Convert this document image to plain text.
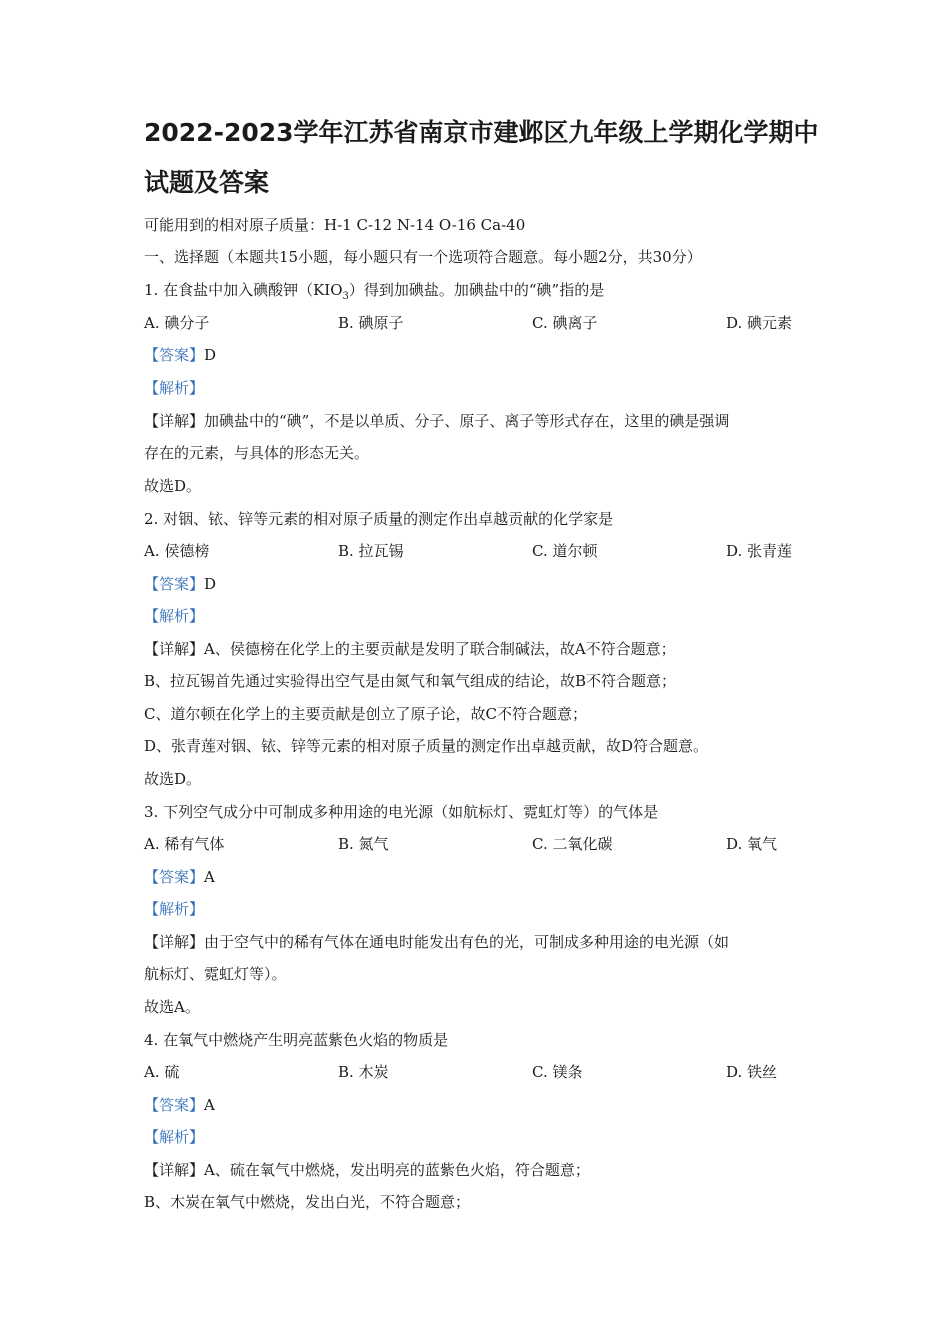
2022-2023学年江苏省南京市建邺区九年级上学期化学期中
试题及答案
可能用到的相对原子质量：H-1 C-12 N-14 O-16 Ca-40
一、选择题（本题共15小题，每小题只有一个选项符合题意。每小题2分，共30分）
1. 在食盐中加入碘酸钾$(KIO_3)$得到加碘盐。加碘盐中的“碘”指的是
A. 碘分子	B. 碘原子	C. 碘离子	D. 碘元素
【答案】D
【解析】
【详解】加碘盐中的“碘”，不是以单质、分子、原子、离子等形式存在，这里的碘是强调
存在的元素，与具体的形态无关。
故选D。
2. 对铟、铱、锌等元素的相对原子质量的测定作出卓越贡献的化学家是
A. 侯德榜	B. 拉瓦锡	C. 道尔顿	D. 张青莲
【答案】D
【解析】
【详解】A、侯德榜在化学上的主要贡献是发明了联合制碱法，故A不符合题意；
B、拉瓦锡首先通过实验得出空气是由氮气和氧气组成的结论，故B不符合题意；
C、道尔顿在化学上的主要贡献是创立了原子论，故C不符合题意；
D、张青莲对铟、铱、锌等元素的相对原子质量的测定作出卓越贡献，故D符合题意。
故选D。
3. 下列空气成分中可制成多种用途的电光源（如航标灯、霓虹灯等）的气体是
A. 稀有气体	B. 氮气	C. 二氧化碳	D. 氧气
【答案】A
【解析】
【详解】由于空气中的稀有气体在通电时能发出有色的光，可制成多种用途的电光源（如
航标灯、霓虹灯等）。
故选A。
4. 在氧气中燃烧产生明亮蓝紫色火焰的物质是
A. 硫	B. 木炭	C. 镁条	D. 铁丝
【答案】A
【解析】
【详解】A、硫在氧气中燃烧，发出明亮的蓝紫色火焰，符合题意；
B、木炭在氧气中燃烧，发出白光，不符合题意；
